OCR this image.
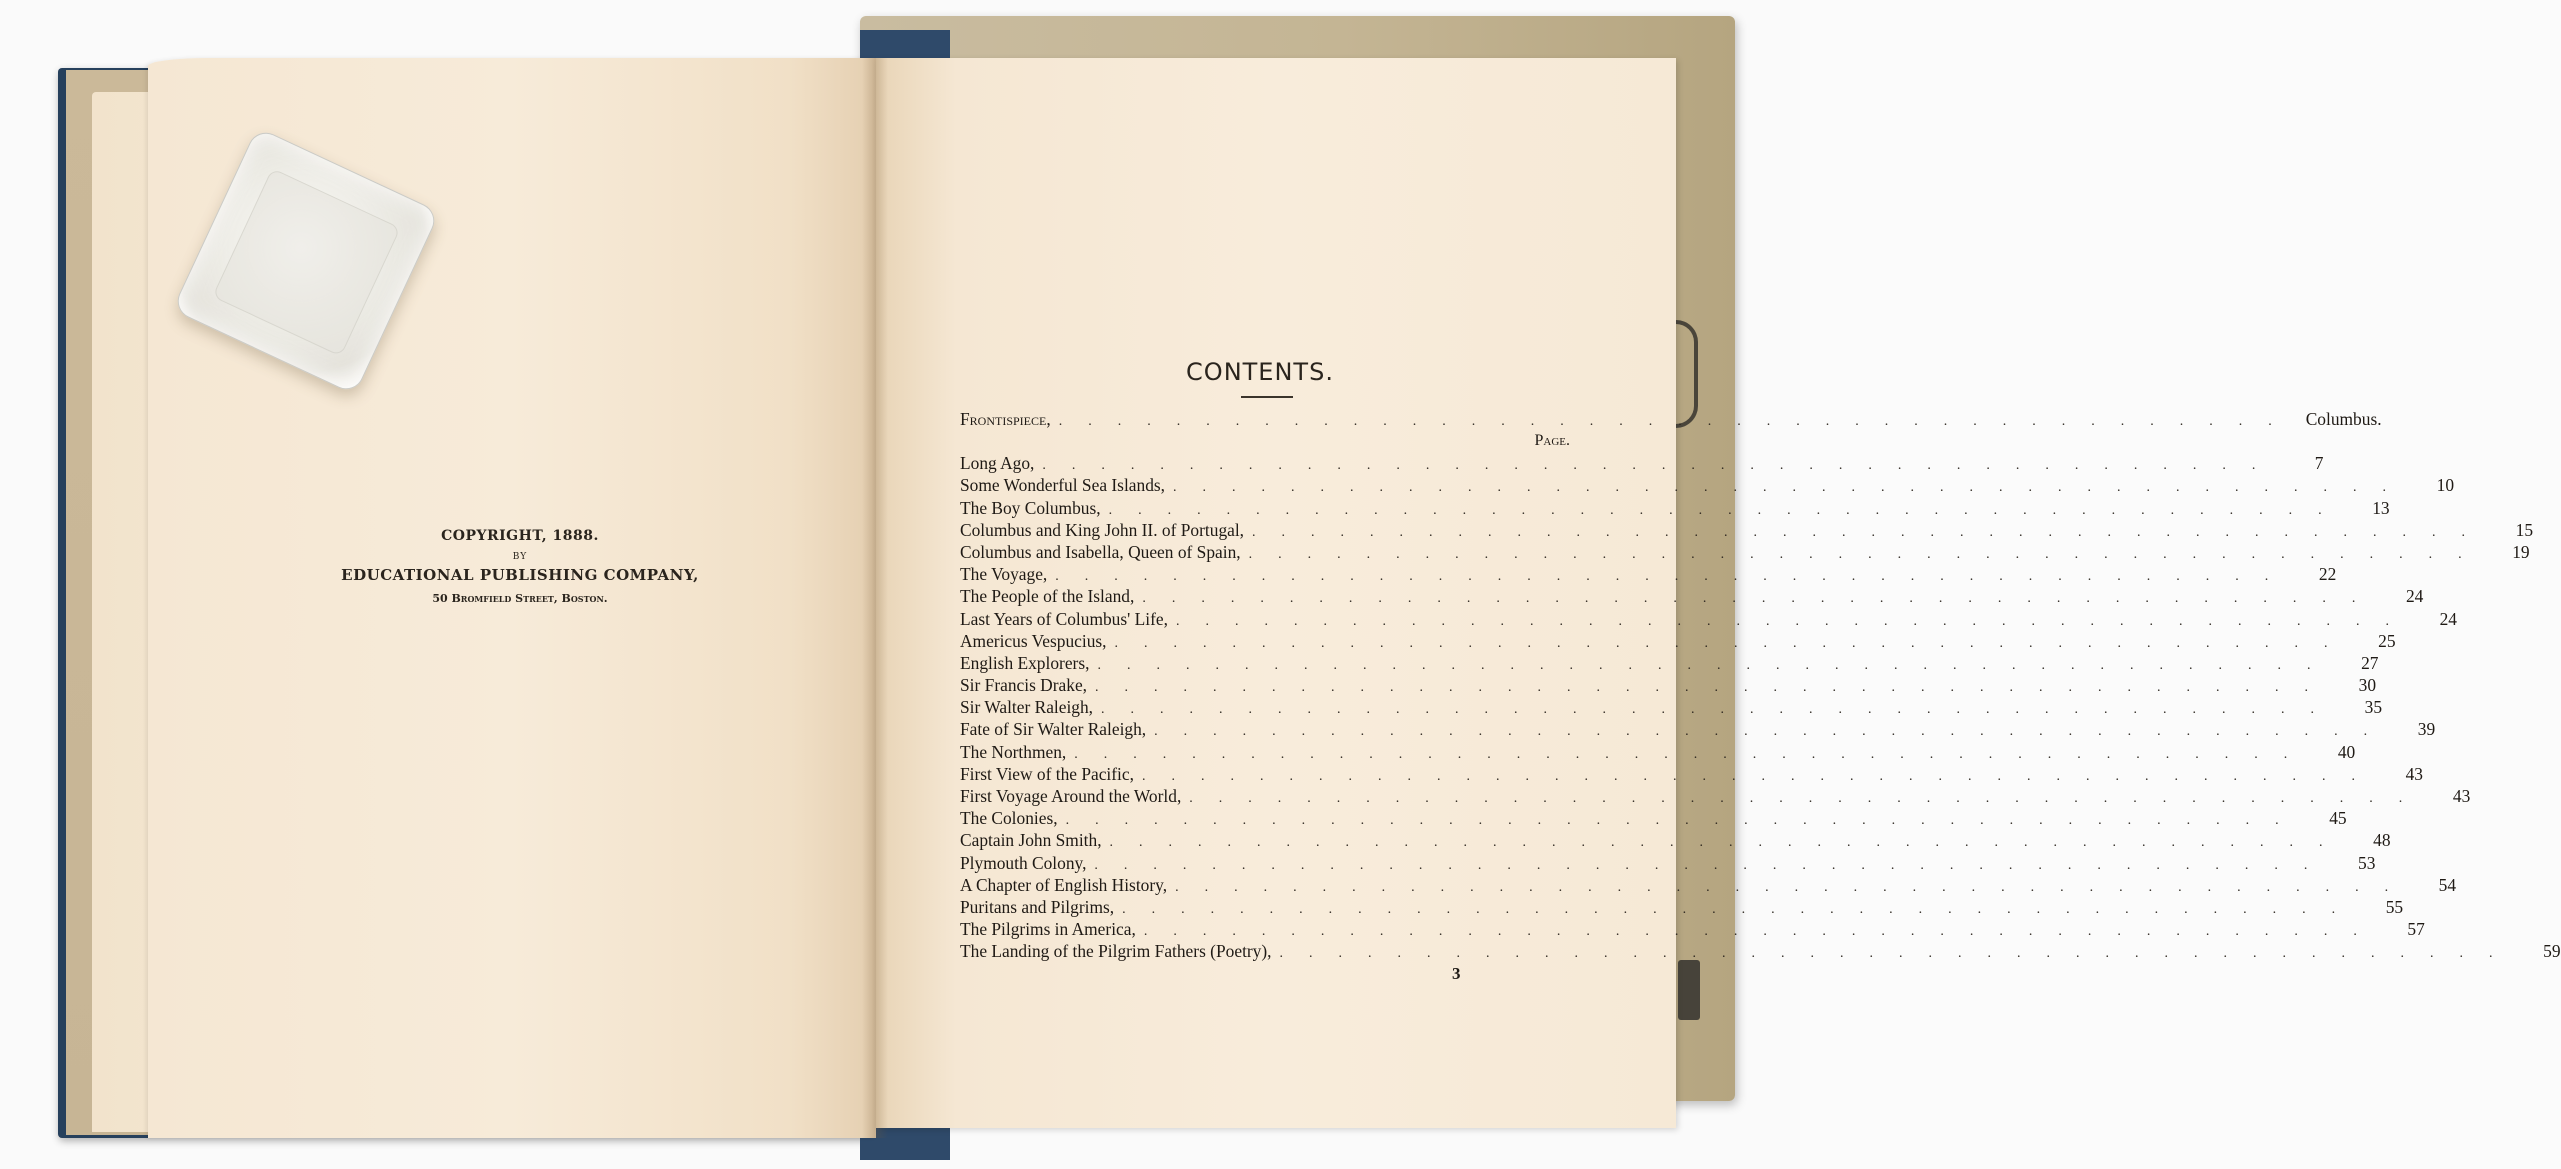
COPYRIGHT, 1888.
BY
EDUCATIONAL PUBLISHING COMPANY,
50 Bromfield Street, Boston.
CONTENTS.
Frontispiece, .......................................... Columbus.
Page.
Long Ago, ..........................................	7
Some Wonderful Sea Islands, ..........................................	10
The Boy Columbus, ..........................................	13
Columbus and King John II. of Portugal, ..........................................	15
Columbus and Isabella, Queen of Spain, ..........................................	19
The Voyage, ..........................................	22
The People of the Island, ..........................................	24
Last Years of Columbus' Life, ..........................................	24
Americus Vespucius, ..........................................	25
English Explorers, ..........................................	27
Sir Francis Drake, ..........................................	30
Sir Walter Raleigh, ..........................................	35
Fate of Sir Walter Raleigh, ..........................................	39
The Northmen, ..........................................	40
First View of the Pacific, ..........................................	43
First Voyage Around the World, ..........................................	43
The Colonies, ..........................................	45
Captain John Smith, ..........................................	48
Plymouth Colony, ..........................................	53
A Chapter of English History, ..........................................	54
Puritans and Pilgrims, ..........................................	55
The Pilgrims in America, ..........................................	57
The Landing of the Pilgrim Fathers (Poetry), ..........................................	59
3
